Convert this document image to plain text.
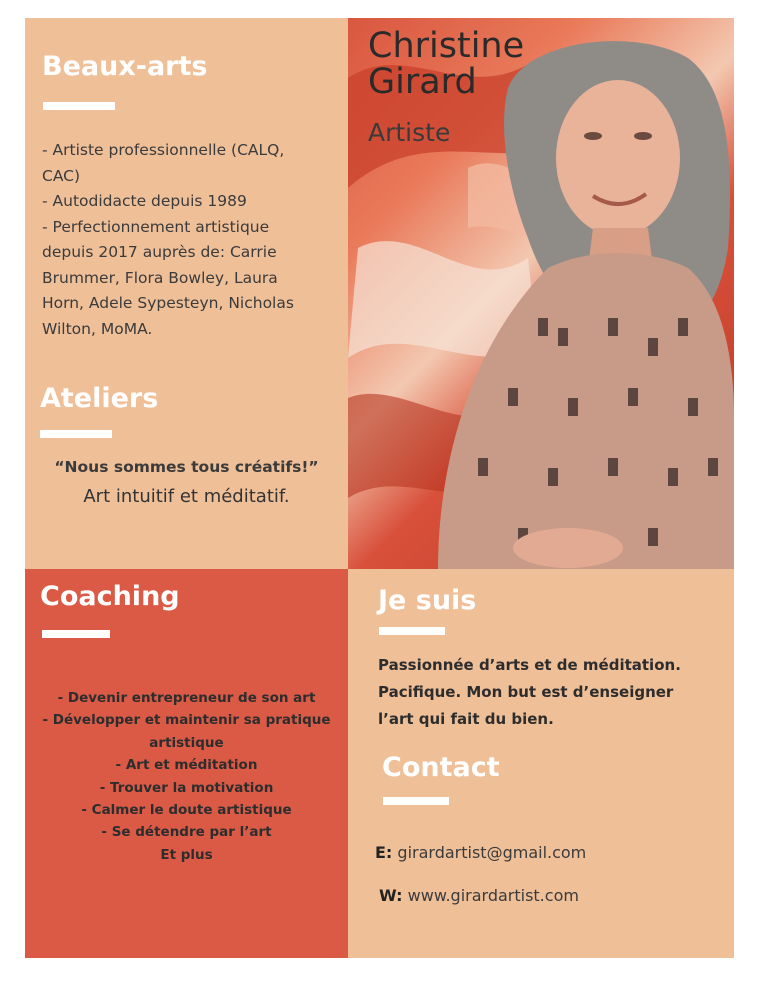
Beaux-arts
- Artiste professionnelle (CALQ,
CAC)
- Autodidacte depuis 1989
- Perfectionnement artistique
depuis 2017 auprès de: Carrie
Brummer, Flora Bowley, Laura
Horn, Adele Sypesteyn, Nicholas
Wilton, MoMA.
Ateliers

“Nous sommes tous créatifs!”

Art intuitif et méditatif.

Christine
Girard
Artiste
Coaching
- Devenir entrepreneur de son art
- Développer et maintenir sa pratique
artistique
- Art et méditation
- Trouver la motivation
- Calmer le doute artistique
- Se détendre par l’art
Et plus
Je suis
Passionnée d’arts et de méditation.
Pacifique. Mon but est d’enseigner
l’art qui fait du bien.
Contact

E: girardartist@gmail.com

W: www.girardartist.com
